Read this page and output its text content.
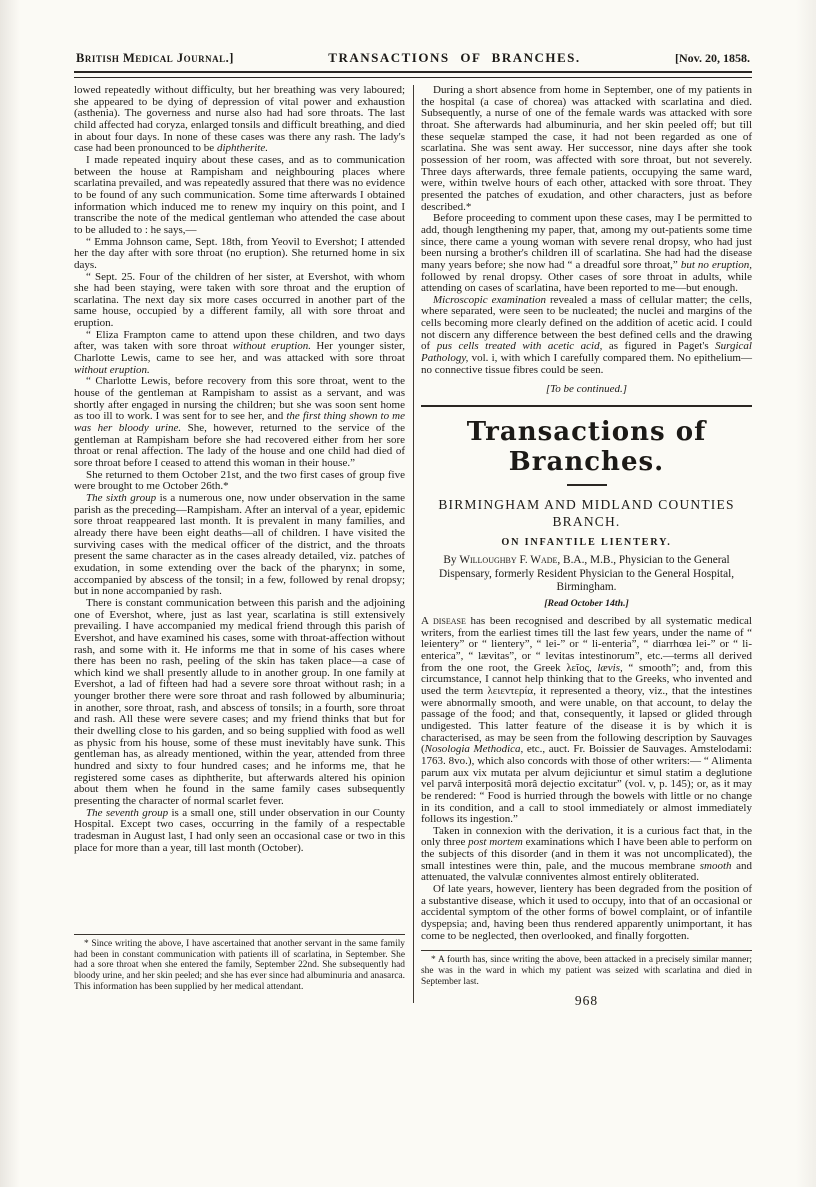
British Medical Journal.]	TRANSACTIONS OF BRANCHES.	[Nov. 20, 1858.

lowed repeatedly without difficulty, but her breathing was very laboured; she appeared to be dying of depression of vital power and exhaustion (asthenia). The governess and nurse also had had sore throats. The last child affected had coryza, enlarged tonsils and difficult breathing, and died in about four days. In none of these cases was there any rash. The lady's case had been pronounced to be diphtherite.

I made repeated inquiry about these cases, and as to communication between the house at Rampisham and neighbouring places where scarlatina prevailed, and was repeatedly assured that there was no evidence to be found of any such communication. Some time afterwards I obtained information which induced me to renew my inquiry on this point, and I transcribe the note of the medical gentleman who attended the case about to be alluded to : he says,—

“ Emma Johnson came, Sept. 18th, from Yeovil to Evershot; I attended her the day after with sore throat (no eruption). She returned home in six days.

“ Sept. 25. Four of the children of her sister, at Evershot, with whom she had been staying, were taken with sore throat and the eruption of scarlatina. The next day six more cases occurred in another part of the same house, occupied by a different family, all with sore throat and eruption.

“ Eliza Frampton came to attend upon these children, and two days after, was taken with sore throat without eruption. Her younger sister, Charlotte Lewis, came to see her, and was attacked with sore throat without eruption.

“ Charlotte Lewis, before recovery from this sore throat, went to the house of the gentleman at Rampisham to assist as a servant, and was shortly after engaged in nursing the children; but she was soon sent home as too ill to work. I was sent for to see her, and the first thing shown to me was her bloody urine. She, however, returned to the service of the gentleman at Rampisham before she had recovered either from her sore throat or renal affection. The lady of the house and one child had died of sore throat before I ceased to attend this woman in their house.”

She returned to them October 21st, and the two first cases of group five were brought to me October 26th.*

The sixth group is a numerous one, now under observation in the same parish as the preceding—Rampisham. After an interval of a year, epidemic sore throat reappeared last month. It is prevalent in many families, and already there have been eight deaths—all of children. I have visited the surviving cases with the medical officer of the district, and the throats present the same character as in the cases already detailed, viz. patches of exudation, in some extending over the back of the pharynx; in some, accompanied by abscess of the tonsil; in a few, followed by renal dropsy; but in none accompanied by rash.

There is constant communication between this parish and the adjoining one of Evershot, where, just as last year, scarlatina is still extensively prevailing. I have accompanied my medical friend through this parish of Evershot, and have examined his cases, some with throat-affection without rash, and some with it. He informs me that in some of his cases where there has been no rash, peeling of the skin has taken place—a case of which kind we shall presently allude to in another group. In one family at Evershot, a lad of fifteen had had a severe sore throat without rash; in a younger brother there were sore throat and rash followed by albuminuria; in another, sore throat, rash, and abscess of tonsils; in a fourth, sore throat and rash. All these were severe cases; and my friend thinks that but for their dwelling close to his garden, and so being supplied with food as well as physic from his house, some of these must inevitably have sunk. This gentleman has, as already mentioned, within the year, attended from three hundred and sixty to four hundred cases; and he informs me, that he registered some cases as diphtherite, but afterwards altered his opinion about them when he found in the same family cases subsequently presenting the character of normal scarlet fever.

The seventh group is a small one, still under observation in our County Hospital. Except two cases, occurring in the family of a respectable tradesman in August last, I had only seen an occasional case or two in this place for more than a year, till last month (October).

* Since writing the above, I have ascertained that another servant in the same family had been in constant communication with patients ill of scarlatina, in September. She had a sore throat when she entered the family, September 22nd. She subsequently had bloody urine, and her skin peeled; and she has ever since had albuminuria and anasarca. This information has been supplied by her medical attendant.

During a short absence from home in September, one of my patients in the hospital (a case of chorea) was attacked with scarlatina and died. Subsequently, a nurse of one of the female wards was attacked with sore throat. She afterwards had albuminuria, and her skin peeled off; but till these sequelæ stamped the case, it had not been regarded as one of scarlatina. She was sent away. Her successor, nine days after she took possession of her room, was affected with sore throat, but not severely. Three days afterwards, three female patients, occupying the same ward, were, within twelve hours of each other, attacked with sore throat. They presented the patches of exudation, and other characters, just as before described.*

Before proceeding to comment upon these cases, may I be permitted to add, though lengthening my paper, that, among my out-patients some time since, there came a young woman with severe renal dropsy, who had just been nursing a brother's children ill of scarlatina. She had had the disease many years before; she now had “ a dreadful sore throat,” but no eruption, followed by renal dropsy. Other cases of sore throat in adults, while attending on cases of scarlatina, have been reported to me—but enough.

Microscopic examination revealed a mass of cellular matter; the cells, where separated, were seen to be nucleated; the nuclei and margins of the cells becoming more clearly defined on the addition of acetic acid. I could not discern any difference between the best defined cells and the drawing of pus cells treated with acetic acid, as figured in Paget's Surgical Pathology, vol. i, with which I carefully compared them. No epithelium—no connective tissue fibres could be seen.

[To be continued.]

Transactions of Branches.
BIRMINGHAM AND MIDLAND COUNTIES BRANCH.
ON INFANTILE LIENTERY.

By Willoughby F. Wade, B.A., M.B., Physician to the General Dispensary, formerly Resident Physician to the General Hospital, Birmingham.

[Read October 14th.]

A disease has been recognised and described by all systematic medical writers, from the earliest times till the last few years, under the name of “ leientery” or “ lientery”, “ lei-” or “ li-enteria”, “ diarrhœa lei-” or “ li-enterica”, “ lævitas”, or “ levitas intestinorum”, etc.—terms all derived from the one root, the Greek λεῖος, lævis, “ smooth”; and, from this circumstance, I cannot help thinking that to the Greeks, who invented and used the term λειεντερία, it represented a theory, viz., that the intestines were abnormally smooth, and were unable, on that account, to delay the passage of the food; and that, consequently, it lapsed or glided through undigested. This latter feature of the disease it is by which it is characterised, as may be seen from the following description by Sauvages (Nosologia Methodica, etc., auct. Fr. Boissier de Sauvages. Amstelodami: 1763. 8vo.), which also concords with those of other writers:— “ Alimenta parum aux vix mutata per alvum dejiciuntur et simul statim a deglutione vel parvâ interpositâ morâ dejectio excitatur” (vol. v, p. 145); or, as it may be rendered: “ Food is hurried through the bowels with little or no change in its condition, and a call to stool immediately or almost immediately follows its ingestion.”

Taken in connexion with the derivation, it is a curious fact that, in the only three post mortem examinations which I have been able to perform on the subjects of this disorder (and in them it was not uncomplicated), the small intestines were thin, pale, and the mucous membrane smooth and attenuated, the valvulæ conniventes almost entirely obliterated.

Of late years, however, lientery has been degraded from the position of a substantive disease, which it used to occupy, into that of an occasional or accidental symptom of the other forms of bowel complaint, or of infantile dyspepsia; and, having been thus rendered apparently unimportant, it has come to be neglected, then overlooked, and finally forgotten.

* A fourth has, since writing the above, been attacked in a precisely similar manner; she was in the ward in which my patient was seized with scarlatina and died in September last.

968
